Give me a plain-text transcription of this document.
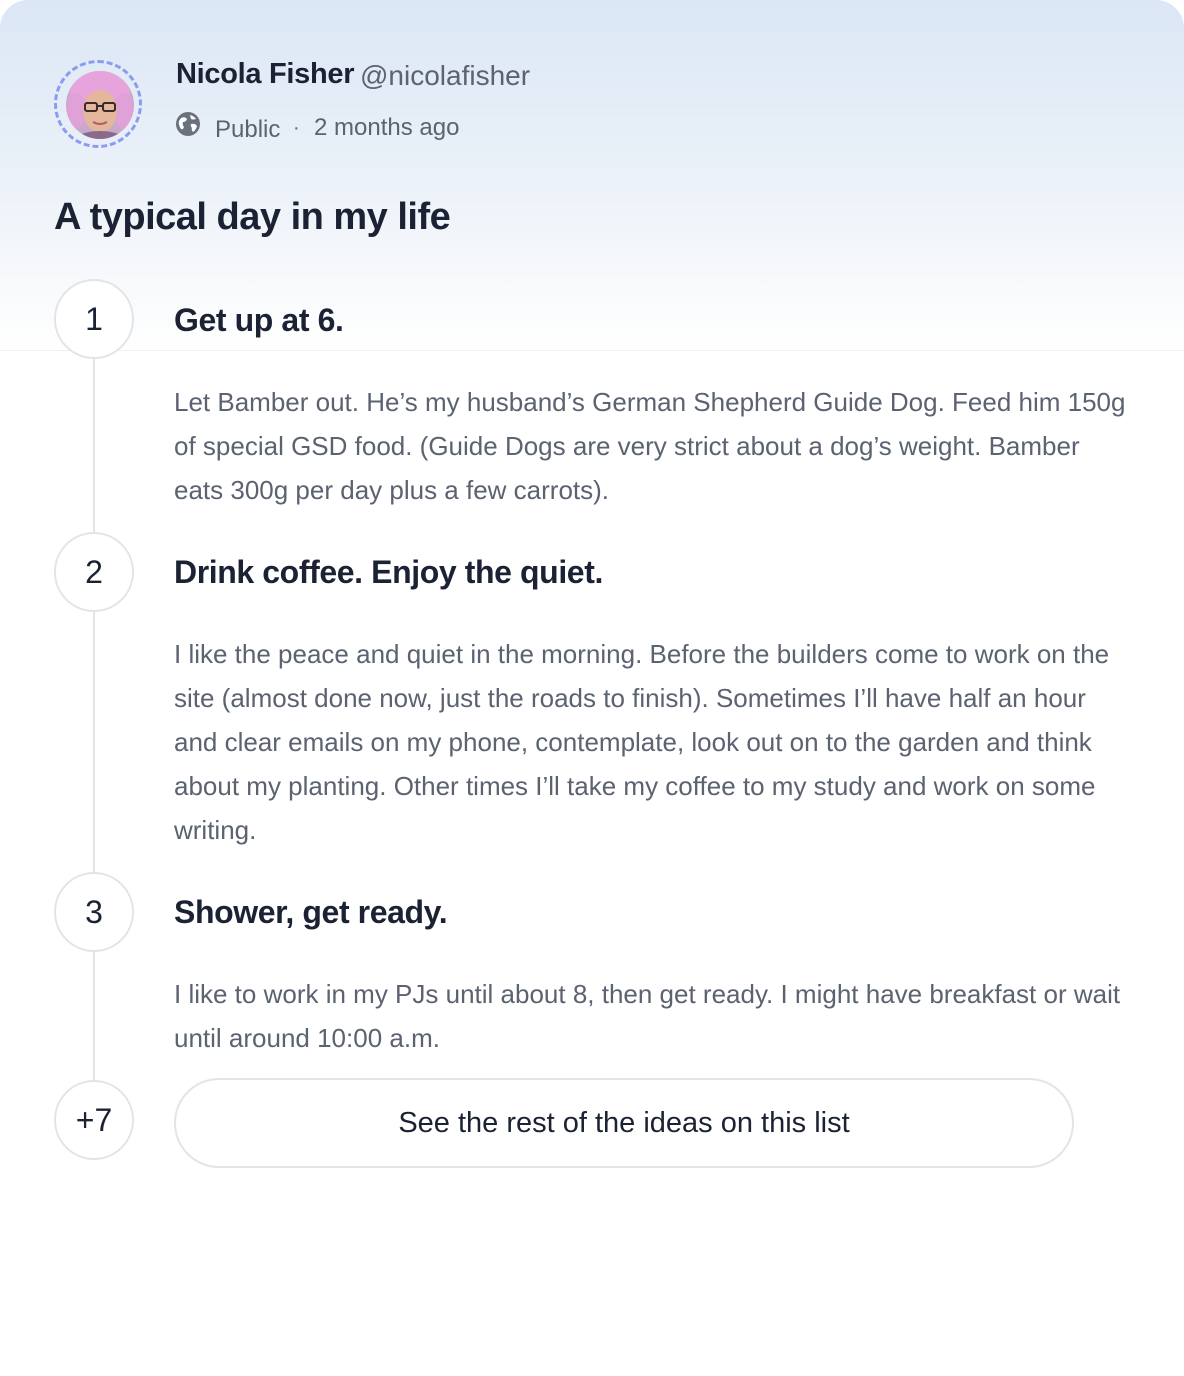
Nicola Fisher @nicolafisher
Public · 2 months ago
A typical day in my life
1	Get up at 6.
Let Bamber out. He’s my husband’s German Shepherd Guide Dog. Feed him 150g of special GSD food. (Guide Dogs are very strict about a dog’s weight. Bamber eats 300g per day plus a few carrots).
2	Drink coffee. Enjoy the quiet.
I like the peace and quiet in the morning. Before the builders come to work on the site (almost done now, just the roads to finish). Sometimes I’ll have half an hour and clear emails on my phone, contemplate, look out on to the garden and think about my planting. Other times I’ll take my coffee to my study and work on some writing.
3	Shower, get ready.
I like to work in my PJs until about 8, then get ready. I might have breakfast or wait until around 10:00 a.m.
+7	See the rest of the ideas on this list
